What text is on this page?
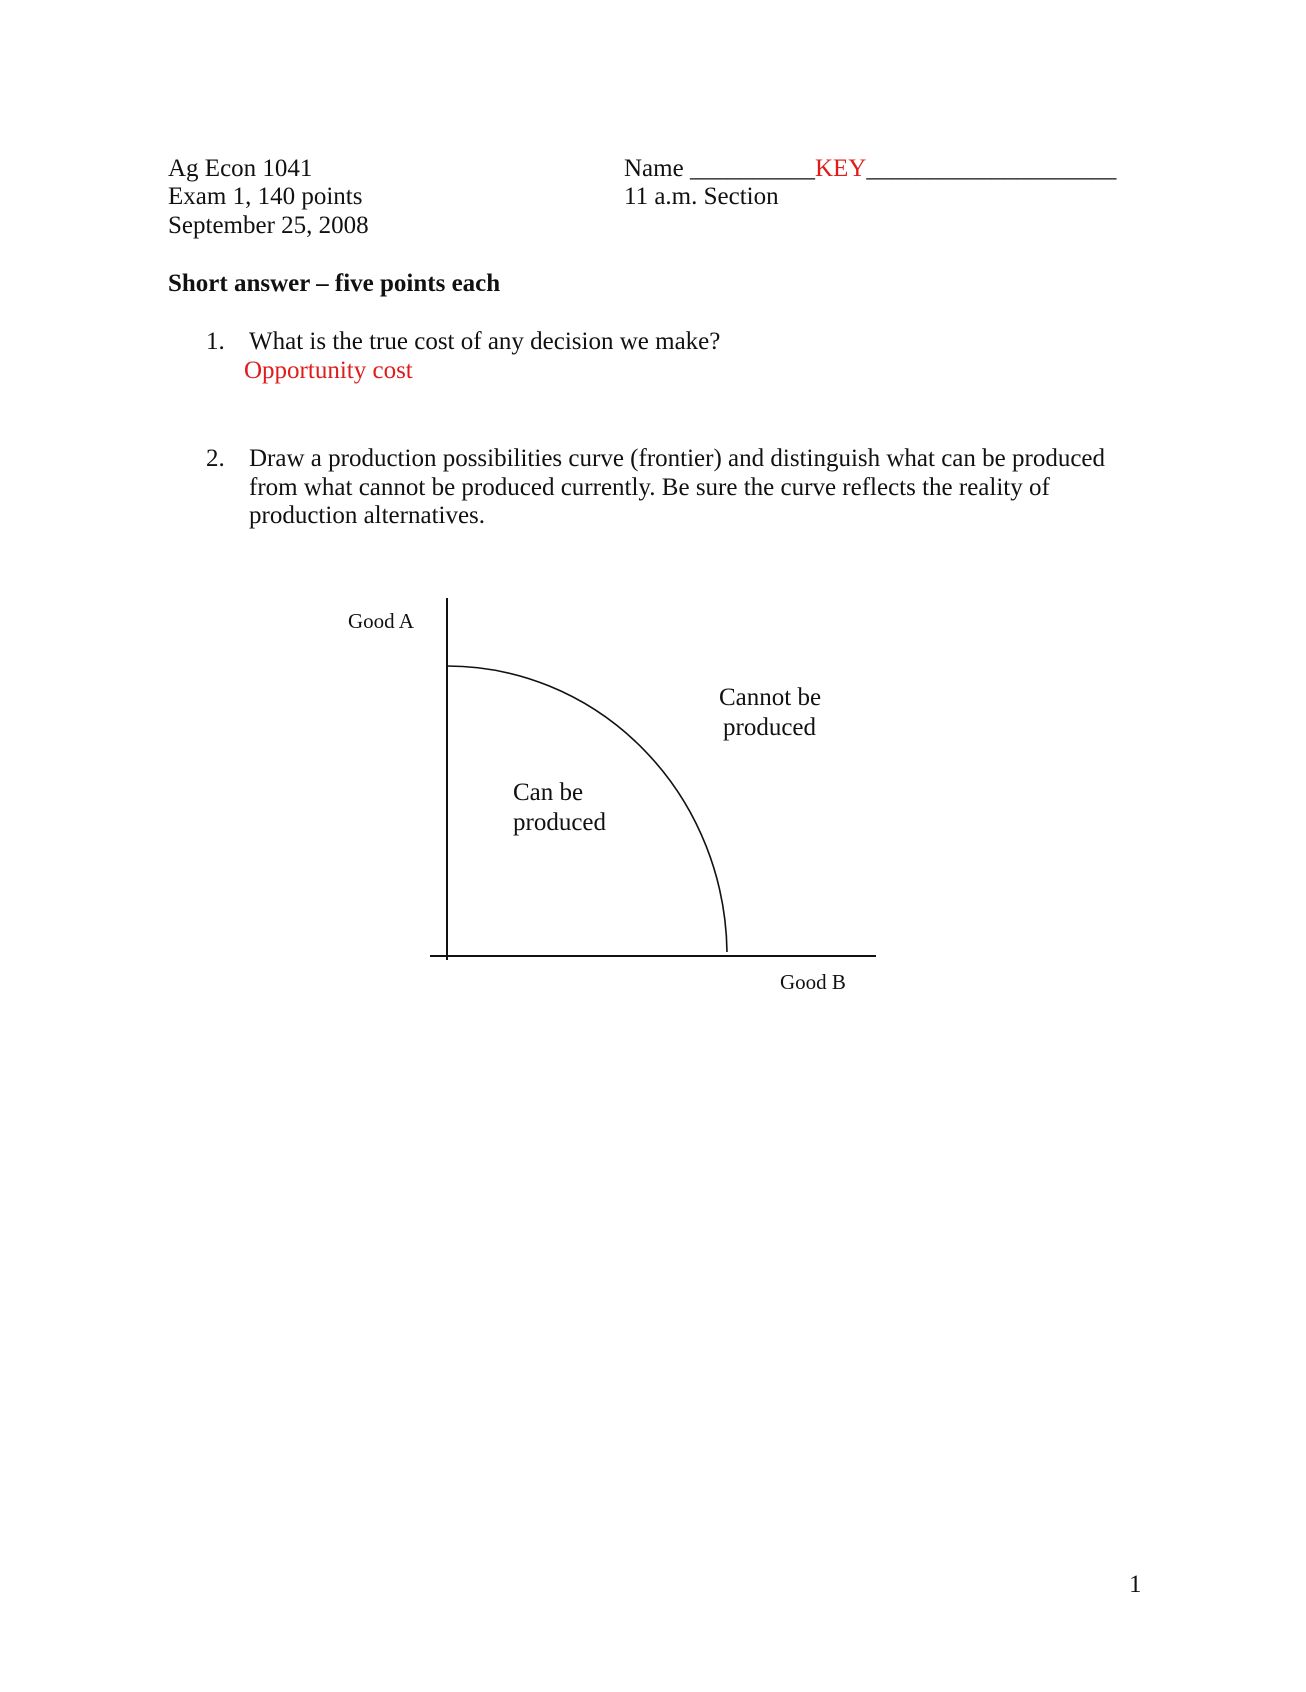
Ag Econ 1041
Exam 1, 140 points
September 25, 2008
Name __________KEY____________________
11 a.m. Section
Short answer – five points each
1. What is the true cost of any decision we make?
Opportunity cost
2. Draw a production possibilities curve (frontier) and distinguish what can be produced
from what cannot be produced currently. Be sure the curve reflects the reality of
production alternatives.
Good A
Good B
Can be
produced
Cannot be
produced
1
